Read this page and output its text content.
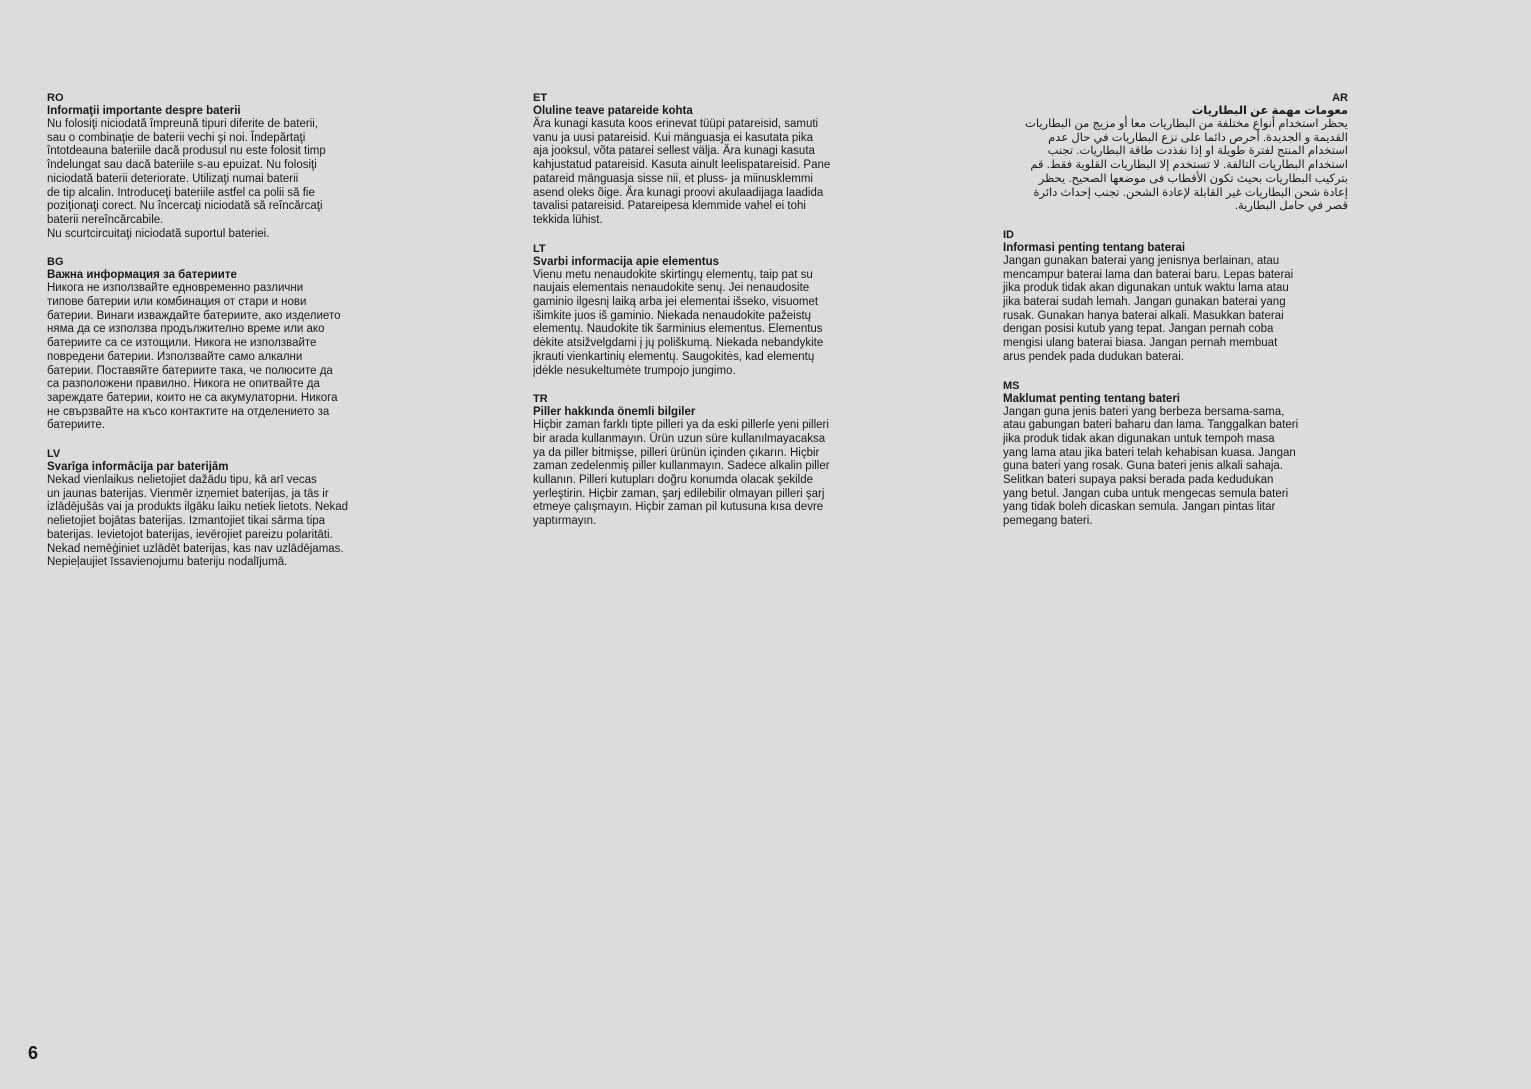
RO
Informaţii importante despre baterii

Nu folosiţi niciodată împreună tipuri diferite de baterii,
sau o combinaţie de baterii vechi şi noi. Îndepărtaţi
întotdeauna bateriile dacă produsul nu este folosit timp
îndelungat sau dacă bateriile s-au epuizat. Nu folosiţi
niciodată baterii deteriorate. Utilizaţi numai baterii
de tip alcalin. Introduceţi bateriile astfel ca polii să fie
poziţionaţi corect. Nu încercaţi niciodată să reîncărcaţi
baterii nereîncărcabile.
Nu scurtcircuitaţi niciodată suportul bateriei.

BG
Важна информация за батериите

Никога не използвайте едновременно различни
типове батерии или комбинация от стари и нови
батерии. Винаги изваждайте батериите, ако изделието
няма да се използва продължително време или ако
батериите са се изтощили. Никога не използвайте
повредени батерии. Използвайте само алкални
батерии. Поставяйте батериите така, че полюсите да
са разположени правилно. Никога не опитвайте да
зареждате батерии, които не са акумулаторни. Никога
не свързвайте на късо контактите на отделението за
батериите.

LV
Svarīga informācija par baterijām

Nekad vienlaikus nelietojiet dažādu tipu, kā arī vecas
un jaunas baterijas. Vienmēr izņemiet baterijas, ja tās ir
izlādējušās vai ja produkts ilgāku laiku netiek lietots. Nekad
nelietojiet bojātas baterijas. Izmantojiet tikai sārma tipa
baterijas. Ievietojot baterijas, ievērojiet pareizu polaritāti.
Nekad nemēģiniet uzlādēt baterijas, kas nav uzlādējamas.
Nepieļaujiet īssavienojumu bateriju nodalījumā.

ET
Oluline teave patareide kohta

Ära kunagi kasuta koos erinevat tüüpi patareisid, samuti
vanu ja uusi patareisid. Kui mänguasja ei kasutata pika
aja jooksul, võta patarei sellest välja. Ära kunagi kasuta
kahjustatud patareisid. Kasuta ainult leelispatareisid. Pane
patareid mänguasja sisse nii, et pluss- ja miinusklemmi
asend oleks õige. Ära kunagi proovi akulaadijaga laadida
tavalisi patareisid. Patareipesa klemmide vahel ei tohi
tekkida lühist.

LT
Svarbi informacija apie elementus

Vienu metu nenaudokite skirtingų elementų, taip pat su
naujais elementais nenaudokite senų. Jei nenaudosite
gaminio ilgesnį laiką arba jei elementai išseko, visuomet
išimkite juos iš gaminio. Niekada nenaudokite pažeistų
elementų. Naudokite tik šarminius elementus. Elementus
dėkite atsižvelgdami į jų poliškumą. Niekada nebandykite
įkrauti vienkartinių elementų. Saugokitės, kad elementų
įdėkle nesukeltumėte trumpojo jungimo.

TR
Piller hakkında önemli bilgiler

Hiçbir zaman farklı tipte pilleri ya da eski pillerle yeni pilleri
bir arada kullanmayın. Ürün uzun süre kullanılmayacaksa
ya da piller bitmişse, pilleri ürünün içinden çıkarın. Hiçbir
zaman zedelenmiş piller kullanmayın. Sadece alkalin piller
kullanın. Pilleri kutupları doğru konumda olacak şekilde
yerleştirin. Hiçbir zaman, şarj edilebilir olmayan pilleri şarj
etmeye çalışmayın. Hiçbir zaman pil kutusuna kısa devre
yaptırmayın.

AR
معومات مهمة عن البطاريات

يحظر استخدام أنواع مختلفة من البطاريات معا أو مزيج من البطاريات
القديمة و الجديدة. أحرص دائما على نزع البطاريات في حال عدم
استخدام المنتج لفترة طويلة او إذا نفذدت طاقة البطاريات. تجنب
استخدام البطاريات التالفة. لا تستخدم إلا البطاريات القلوية فقط. قم
بتركيب البطاريات بحيث تكون الأقطاب فى موضعها الصحيح. يحظر
إعادة شحن البطاريات غير القابلة لإعادة الشحن. تجنب إحداث دائرة
قصر في حامل البطارية.

ID
Informasi penting tentang baterai

Jangan gunakan baterai yang jenisnya berlainan, atau
mencampur baterai lama dan baterai baru. Lepas baterai
jika produk tidak akan digunakan untuk waktu lama atau
jika baterai sudah lemah. Jangan gunakan baterai yang
rusak. Gunakan hanya baterai alkali. Masukkan baterai
dengan posisi kutub yang tepat. Jangan pernah coba
mengisi ulang baterai biasa. Jangan pernah membuat
arus pendek pada dudukan baterai.

MS
Maklumat penting tentang bateri

Jangan guna jenis bateri yang berbeza bersama-sama,
atau gabungan bateri baharu dan lama. Tanggalkan bateri
jika produk tidak akan digunakan untuk tempoh masa
yang lama atau jika bateri telah kehabisan kuasa. Jangan
guna bateri yang rosak. Guna bateri jenis alkali sahaja.
Selitkan bateri supaya paksi berada pada kedudukan
yang betul. Jangan cuba untuk mengecas semula bateri
yang tidak boleh dicaskan semula. Jangan pintas litar
pemegang bateri.

6
